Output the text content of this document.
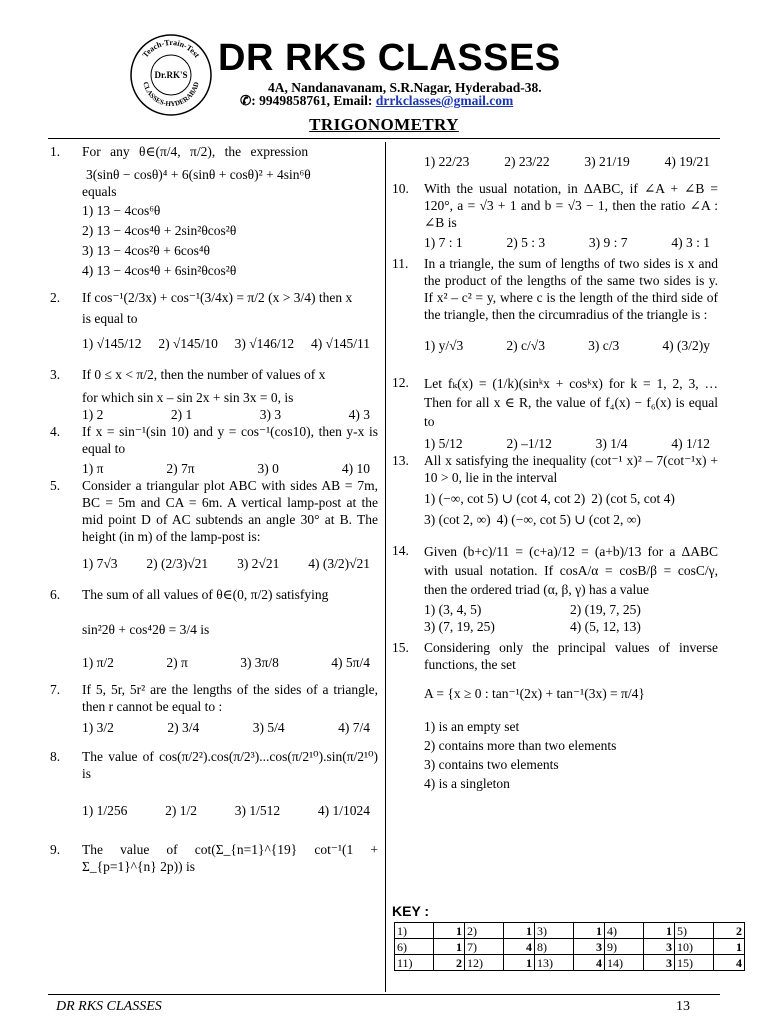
Teach-Train-Test
CLASSES-HYDERABAD
Dr.RK'S DR RKS CLASSES
4A, Nandanavanam, S.R.Nagar, Hyderabad-38.
✆: 9949858761, Email: drrkclasses@gmail.com
TRIGONOMETRY
1.	For any θ∈(π/4, π/2), the expression
3(sinθ − cosθ)⁴ + 6(sinθ + cosθ)² + 4sin⁶θ
equals
1) 13 − 4cos⁶θ
2) 13 − 4cos⁴θ + 2sin²θcos²θ
3) 13 − 4cos²θ + 6cos⁴θ
4) 13 − 4cos⁴θ + 6sin²θcos²θ
2.	If cos⁻¹(2/3x) + cos⁻¹(3/4x) = π/2 (x > 3/4) then x
is equal to
1) √145/12 2) √145/10 3) √146/12 4) √145/11
3.	If 0 ≤ x < π/2, then the number of values of x
for which sin x – sin 2x + sin 3x = 0, is
1) 2	2) 1	3) 3	4) 3
4.	If x = sin⁻¹(sin 10) and y = cos⁻¹(cos10), then y-x is equal to
1) π	2) 7π	3) 0	4) 10
5.	Consider a triangular plot ABC with sides AB = 7m, BC = 5m and CA = 6m. A vertical lamp-post at the mid point D of AC subtends an angle 30° at B. The height (in m) of the lamp-post is:
1) 7√3 2) (2/3)√21 3) 2√21 4) (3/2)√21
6.	The sum of all values of θ∈(0, π/2) satisfying
sin²2θ + cos⁴2θ = 3/4 is
1) π/2	2) π	3) 3π/8	4) 5π/4
7.	If 5, 5r, 5r² are the lengths of the sides of a triangle, then r cannot be equal to :
1) 3/2	2) 3/4	3) 5/4	4) 7/4
8.	The value of cos(π/2²).cos(π/2³)...cos(π/2¹⁰).sin(π/2¹⁰) is
1) 1/256	2) 1/2	3) 1/512	4) 1/1024
9.	The value of cot(Σ_{n=1}^{19} cot⁻¹(1 + Σ_{p=1}^{n} 2p)) is
1) 22/23	2) 23/22	3) 21/19	4) 19/21
10.	With the usual notation, in ΔABC, if ∠A + ∠B = 120°, a = √3 + 1 and b = √3 − 1, then the ratio ∠A : ∠B is
1) 7 : 1	2) 5 : 3	3) 9 : 7	4) 3 : 1
11.	In a triangle, the sum of lengths of two sides is x and the product of the lengths of the same two sides is y. If x² – c² = y, where c is the length of the third side of the triangle, then the circumradius of the triangle is :
1) y/√3	2) c/√3	3) c/3	4) (3/2)y
12.	Let fₖ(x) = (1/k)(sinᵏx + cosᵏx) for k = 1, 2, 3, … Then for all x ∈ R, the value of f₄(x) − f₆(x) is equal to
1) 5/12	2) –1/12	3) 1/4	4) 1/12
13.	All x satisfying the inequality (cot⁻¹ x)² – 7(cot⁻¹x) + 10 > 0, lie in the interval
1) (−∞, cot 5) ∪ (cot 4, cot 2) 2) (cot 5, cot 4)
3) (cot 2, ∞) 4) (−∞, cot 5) ∪ (cot 2, ∞)
14.	Given (b+c)/11 = (c+a)/12 = (a+b)/13 for a ΔABC with usual notation. If cosA/α = cosB/β = cosC/γ, then the ordered triad (α, β, γ) has a value
1) (3, 4, 5)	2) (19, 7, 25)
3) (7, 19, 25)	4) (5, 12, 13)
15.	Considering only the principal values of inverse functions, the set
A = {x ≥ 0 : tan⁻¹(2x) + tan⁻¹(3x) = π/4}
1) is an empty set
2) contains more than two elements
3) contains two elements
4) is a singleton
KEY :
1)	1	2)	1	3)	1	4)	1	5)	2
6)	1	7)	4	8)	3	9)	3	10)	1
11)	2	12)	1	13)	4	14)	3	15)	4
DR RKS CLASSES	13
